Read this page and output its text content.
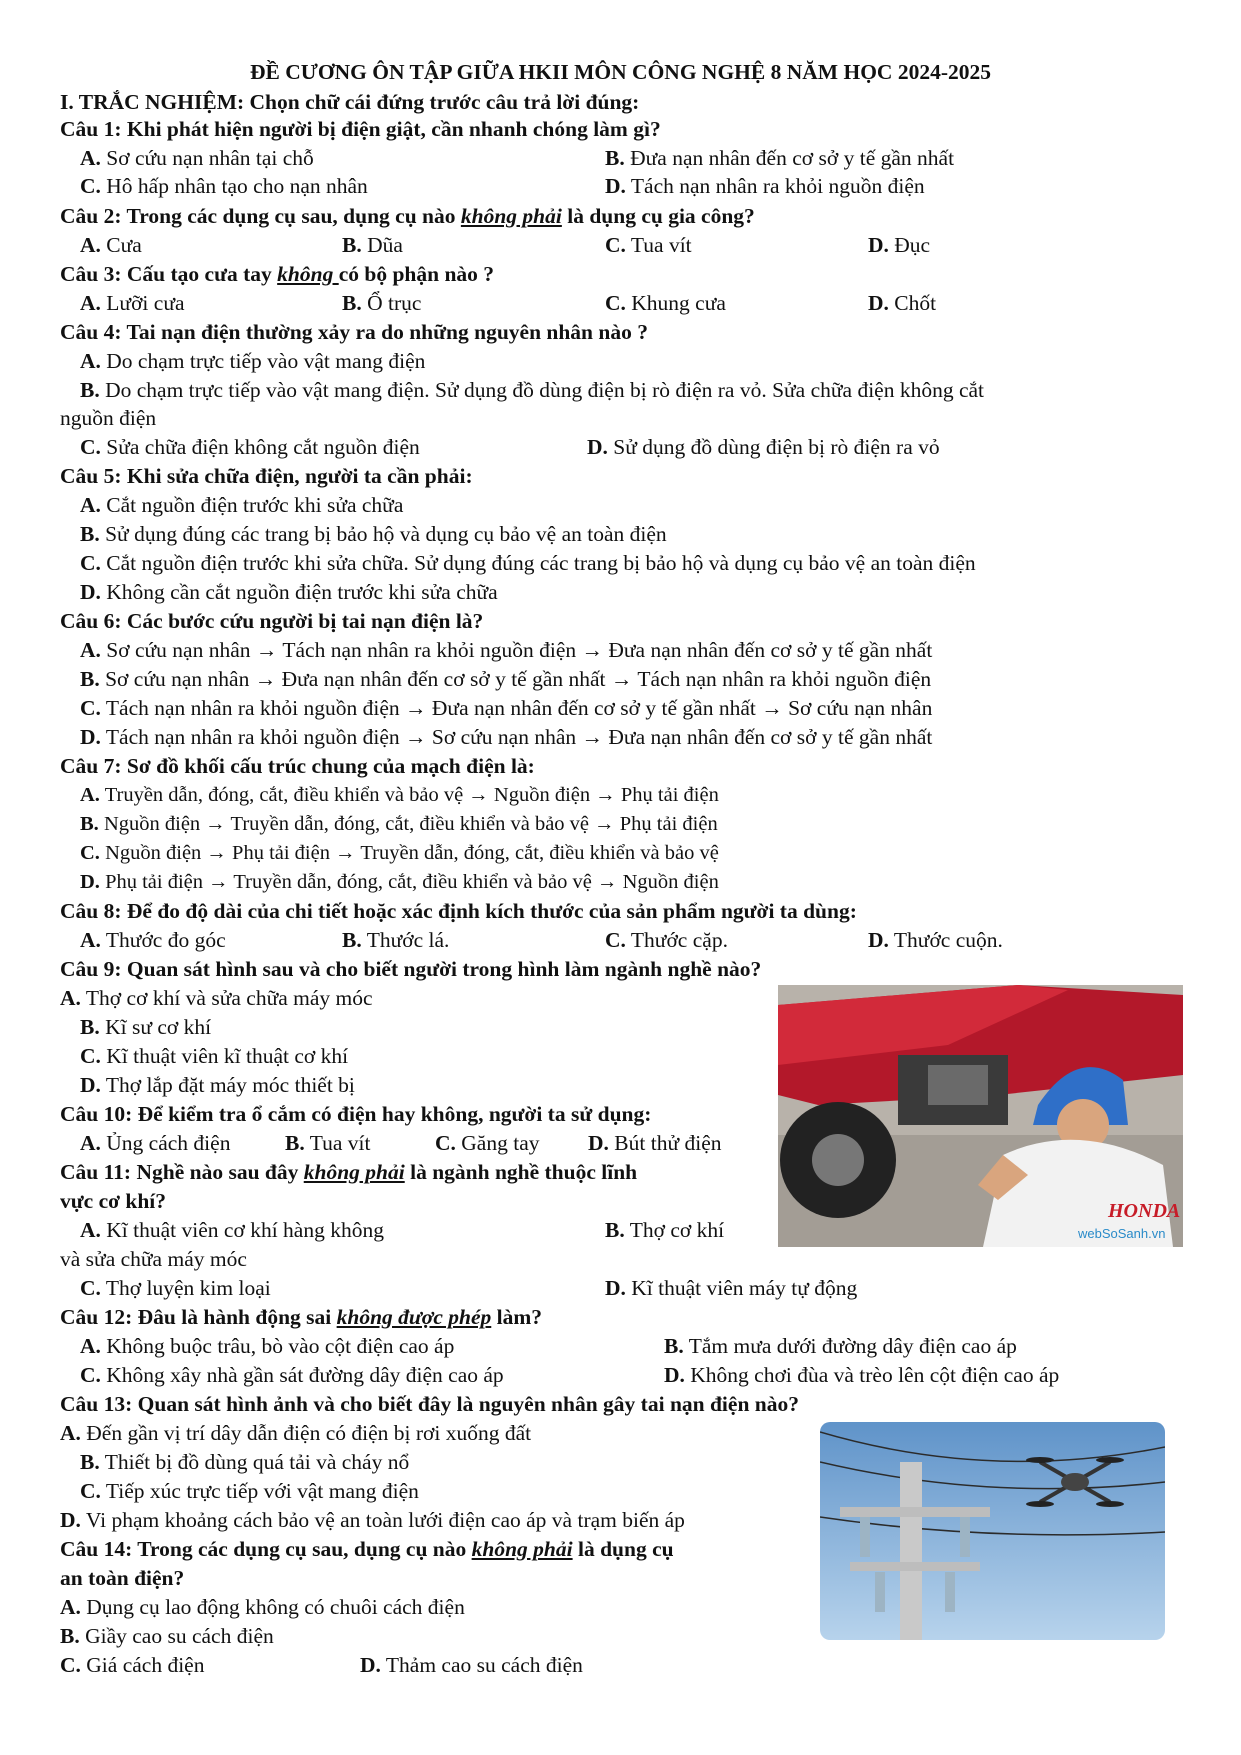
ĐỀ CƯƠNG ÔN TẬP GIỮA HKII MÔN CÔNG NGHỆ 8 NĂM HỌC 2024-2025
I. TRẮC NGHIỆM: Chọn chữ cái đứng trước câu trả lời đúng:
Câu 1: Khi phát hiện người bị điện giật, cần nhanh chóng làm gì?
A. Sơ cứu nạn nhân tại chỗ	B. Đưa nạn nhân đến cơ sở y tế gần nhất
C. Hô hấp nhân tạo cho nạn nhân	D. Tách nạn nhân ra khỏi nguồn điện
Câu 2: Trong các dụng cụ sau, dụng cụ nào không phải là dụng cụ gia công?
A. Cưa	B. Dũa	C. Tua vít	D. Đục
Câu 3: Cấu tạo cưa tay không có bộ phận nào ?
A. Lưỡi cưa	B. Ổ trục	C. Khung cưa	D. Chốt
Câu 4: Tai nạn điện thường xảy ra do những nguyên nhân nào ?
A. Do chạm trực tiếp vào vật mang điện
B. Do chạm trực tiếp vào vật mang điện. Sử dụng đồ dùng điện bị rò điện ra vỏ. Sửa chữa điện không cắt
nguồn điện
C. Sửa chữa điện không cắt nguồn điện	D. Sử dụng đồ dùng điện bị rò điện ra vỏ
Câu 5: Khi sửa chữa điện, người ta cần phải:
A. Cắt nguồn điện trước khi sửa chữa
B. Sử dụng đúng các trang bị bảo hộ và dụng cụ bảo vệ an toàn điện
C. Cắt nguồn điện trước khi sửa chữa. Sử dụng đúng các trang bị bảo hộ và dụng cụ bảo vệ an toàn điện
D. Không cần cắt nguồn điện trước khi sửa chữa
Câu 6: Các bước cứu người bị tai nạn điện là?
A. Sơ cứu nạn nhân → Tách nạn nhân ra khỏi nguồn điện → Đưa nạn nhân đến cơ sở y tế gần nhất
B. Sơ cứu nạn nhân → Đưa nạn nhân đến cơ sở y tế gần nhất → Tách nạn nhân ra khỏi nguồn điện
C. Tách nạn nhân ra khỏi nguồn điện → Đưa nạn nhân đến cơ sở y tế gần nhất → Sơ cứu nạn nhân
D. Tách nạn nhân ra khỏi nguồn điện → Sơ cứu nạn nhân → Đưa nạn nhân đến cơ sở y tế gần nhất
Câu 7: Sơ đồ khối cấu trúc chung của mạch điện là:
A. Truyền dẫn, đóng, cắt, điều khiển và bảo vệ → Nguồn điện → Phụ tải điện
B. Nguồn điện → Truyền dẫn, đóng, cắt, điều khiển và bảo vệ → Phụ tải điện
C. Nguồn điện → Phụ tải điện → Truyền dẫn, đóng, cắt, điều khiển và bảo vệ
D. Phụ tải điện → Truyền dẫn, đóng, cắt, điều khiển và bảo vệ → Nguồn điện
Câu 8: Để đo độ dài của chi tiết hoặc xác định kích thước của sản phẩm người ta dùng:
A. Thước đo góc	B. Thước lá.	C. Thước cặp.	D. Thước cuộn.
Câu 9: Quan sát hình sau và cho biết người trong hình làm ngành nghề nào?
A. Thợ cơ khí và sửa chữa máy móc
B. Kĩ sư cơ khí
C. Kĩ thuật viên kĩ thuật cơ khí
D. Thợ lắp đặt máy móc thiết bị
Câu 10: Để kiểm tra ổ cắm có điện hay không, người ta sử dụng:
A. Ủng cách điện	B. Tua vít	C. Găng tay D. Bút thử điện
Câu 11: Nghề nào sau đây không phải là ngành nghề thuộc lĩnh
vực cơ khí?
A. Kĩ thuật viên cơ khí hàng không	B. Thợ cơ khí
và sửa chữa máy móc
C. Thợ luyện kim loại	D. Kĩ thuật viên máy tự động
Câu 12: Đâu là hành động sai không được phép làm?
A. Không buộc trâu, bò vào cột điện cao áp	B. Tắm mưa dưới đường dây điện cao áp
C. Không xây nhà gần sát đường dây điện cao áp	D. Không chơi đùa và trèo lên cột điện cao áp
Câu 13: Quan sát hình ảnh và cho biết đây là nguyên nhân gây tai nạn điện nào?
A. Đến gần vị trí dây dẫn điện có điện bị rơi xuống đất
B. Thiết bị đồ dùng quá tải và cháy nổ
C. Tiếp xúc trực tiếp với vật mang điện
D. Vi phạm khoảng cách bảo vệ an toàn lưới điện cao áp và trạm biến áp
Câu 14: Trong các dụng cụ sau, dụng cụ nào không phải là dụng cụ
an toàn điện?
A. Dụng cụ lao động không có chuôi cách điện
B. Giầy cao su cách điện
C. Giá cách điện	D. Thảm cao su cách điện
HONDA
webSoSanh.vn
